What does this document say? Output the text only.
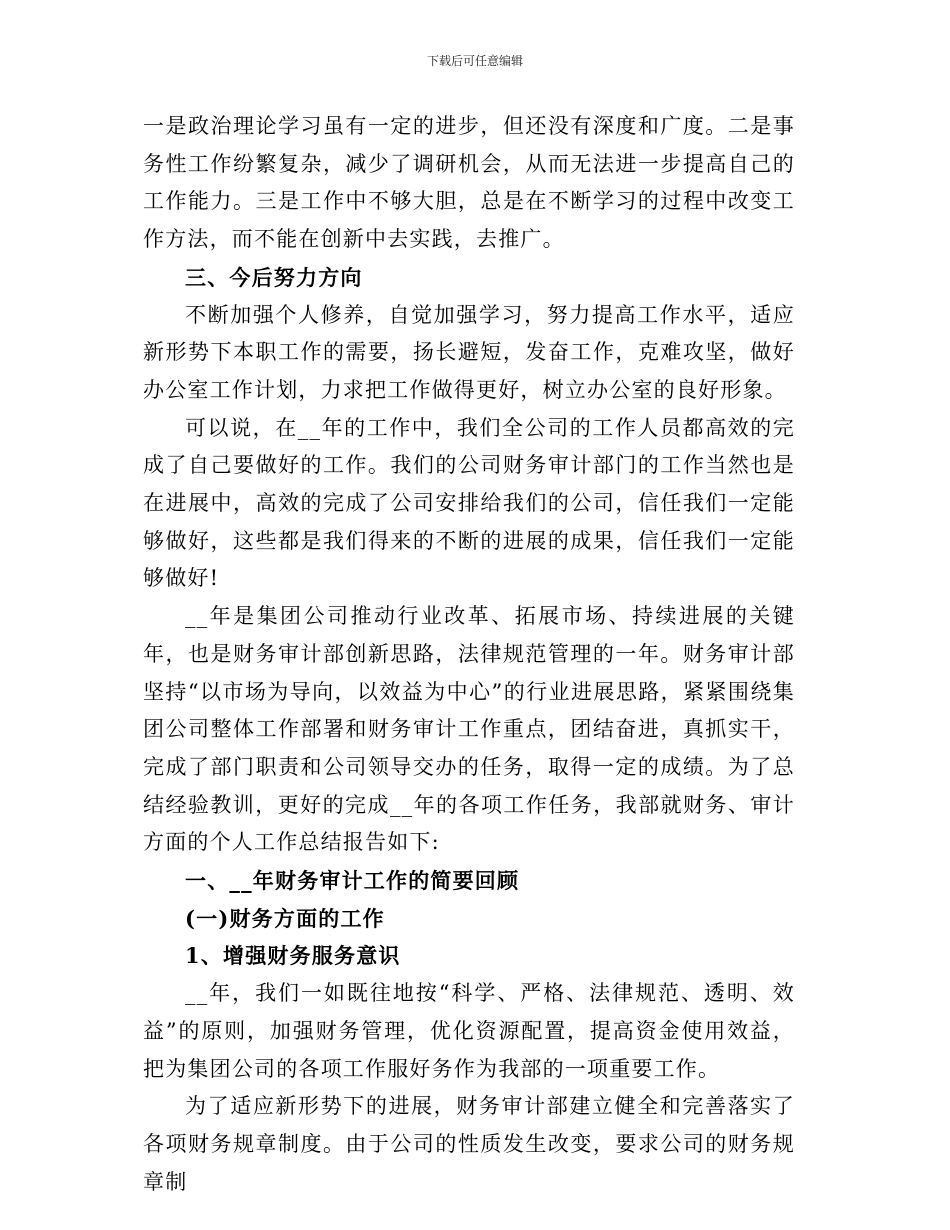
下载后可任意编辑

一是政治理论学习虽有一定的进步，但还没有深度和广度。二是事务性工作纷繁复杂，减少了调研机会，从而无法进一步提高自己的工作能力。三是工作中不够大胆，总是在不断学习的过程中改变工作方法，而不能在创新中去实践，去推广。

三、今后努力方向

不断加强个人修养，自觉加强学习，努力提高工作水平，适应新形势下本职工作的需要，扬长避短，发奋工作，克难攻坚，做好办公室工作计划，力求把工作做得更好，树立办公室的良好形象。

可以说，在__年的工作中，我们全公司的工作人员都高效的完成了自己要做好的工作。我们的公司财务审计部门的工作当然也是在进展中，高效的完成了公司安排给我们的公司，信任我们一定能够做好，这些都是我们得来的不断的进展的成果，信任我们一定能够做好!

__年是集团公司推动行业改革、拓展市场、持续进展的关键年，也是财务审计部创新思路，法律规范管理的一年。财务审计部坚持“以市场为导向，以效益为中心”的行业进展思路，紧紧围绕集团公司整体工作部署和财务审计工作重点，团结奋进，真抓实干，完成了部门职责和公司领导交办的任务，取得一定的成绩。为了总结经验教训，更好的完成__年的各项工作任务，我部就财务、审计方面的个人工作总结报告如下:

一、__年财务审计工作的简要回顾

(一)财务方面的工作

1、增强财务服务意识

__年，我们一如既往地按“科学、严格、法律规范、透明、效益”的原则，加强财务管理，优化资源配置，提高资金使用效益，把为集团公司的各项工作服好务作为我部的一项重要工作。

为了适应新形势下的进展，财务审计部建立健全和完善落实了各项财务规章制度。由于公司的性质发生改变，要求公司的财务规章制
